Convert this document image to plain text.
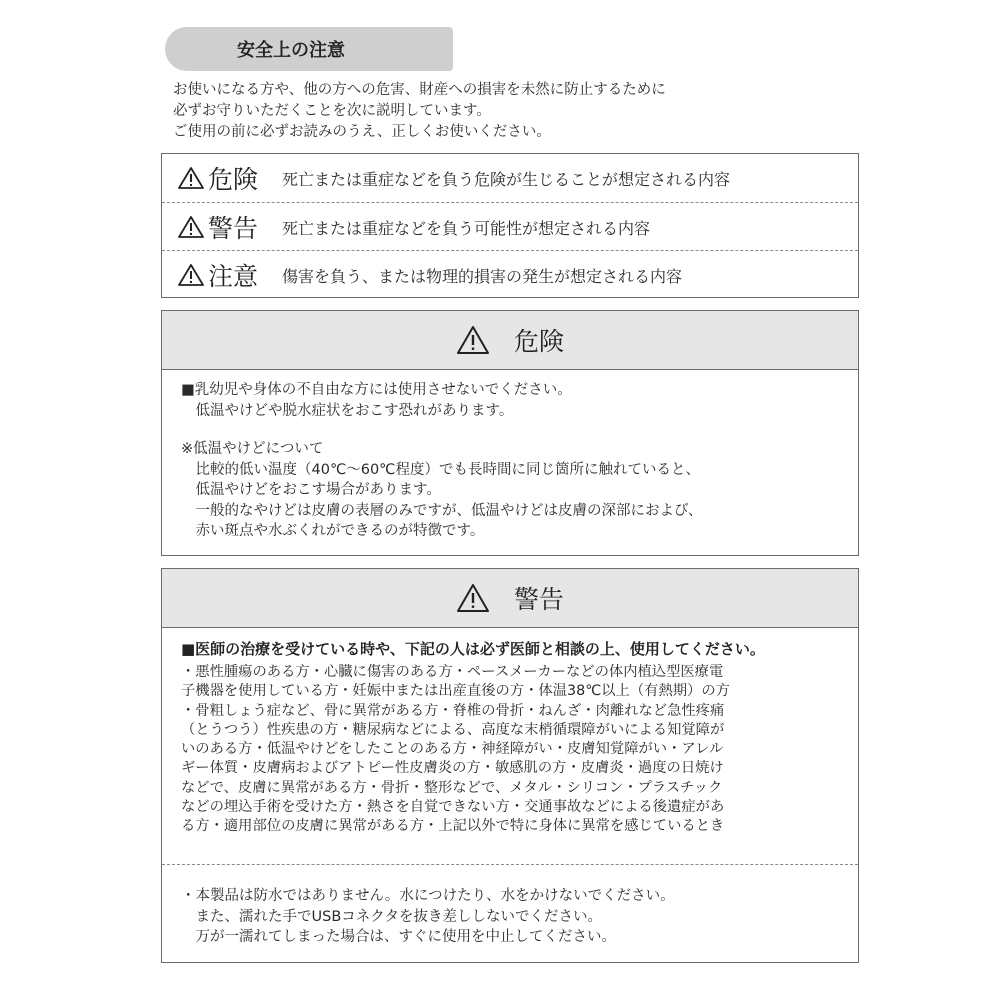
安全上の注意
お使いになる方や、他の方への危害、財産への損害を未然に防止するために
必ずお守りいただくことを次に説明しています。
ご使用の前に必ずお読みのうえ、正しくお使いください。
危険	死亡または重症などを負う危険が生じることが想定される内容
警告	死亡または重症などを負う可能性が想定される内容
注意	傷害を負う、または物理的損害の発生が想定される内容
危険
■乳幼児や身体の不自由な方には使用させないでください。
　低温やけどや脱水症状をおこす恐れがあります。
※低温やけどについて
　比較的低い温度（40℃〜60℃程度）でも長時間に同じ箇所に触れていると、
　低温やけどをおこす場合があります。
　一般的なやけどは皮膚の表層のみですが、低温やけどは皮膚の深部におよび、
　赤い斑点や水ぶくれができるのが特徴です。
警告
■医師の治療を受けている時や、下記の人は必ず医師と相談の上、使用してください。
・悪性腫瘍のある方・心臓に傷害のある方・ペースメーカーなどの体内植込型医療電
子機器を使用している方・妊娠中または出産直後の方・体温38℃以上（有熱期）の方
・骨粗しょう症など、骨に異常がある方・脊椎の骨折・ねんざ・肉離れなど急性疼痛
（とうつう）性疾患の方・糖尿病などによる、高度な末梢循環障がいによる知覚障が
いのある方・低温やけどをしたことのある方・神経障がい・皮膚知覚障がい・アレル
ギー体質・皮膚病およびアトピー性皮膚炎の方・敏感肌の方・皮膚炎・過度の日焼け
などで、皮膚に異常がある方・骨折・整形などで、メタル・シリコン・プラスチック
などの埋込手術を受けた方・熱さを自覚できない方・交通事故などによる後遺症があ
る方・適用部位の皮膚に異常がある方・上記以外で特に身体に異常を感じているとき
・本製品は防水ではありません。水につけたり、水をかけないでください。
　また、濡れた手でUSBコネクタを抜き差ししないでください。
　万が一濡れてしまった場合は、すぐに使用を中止してください。
